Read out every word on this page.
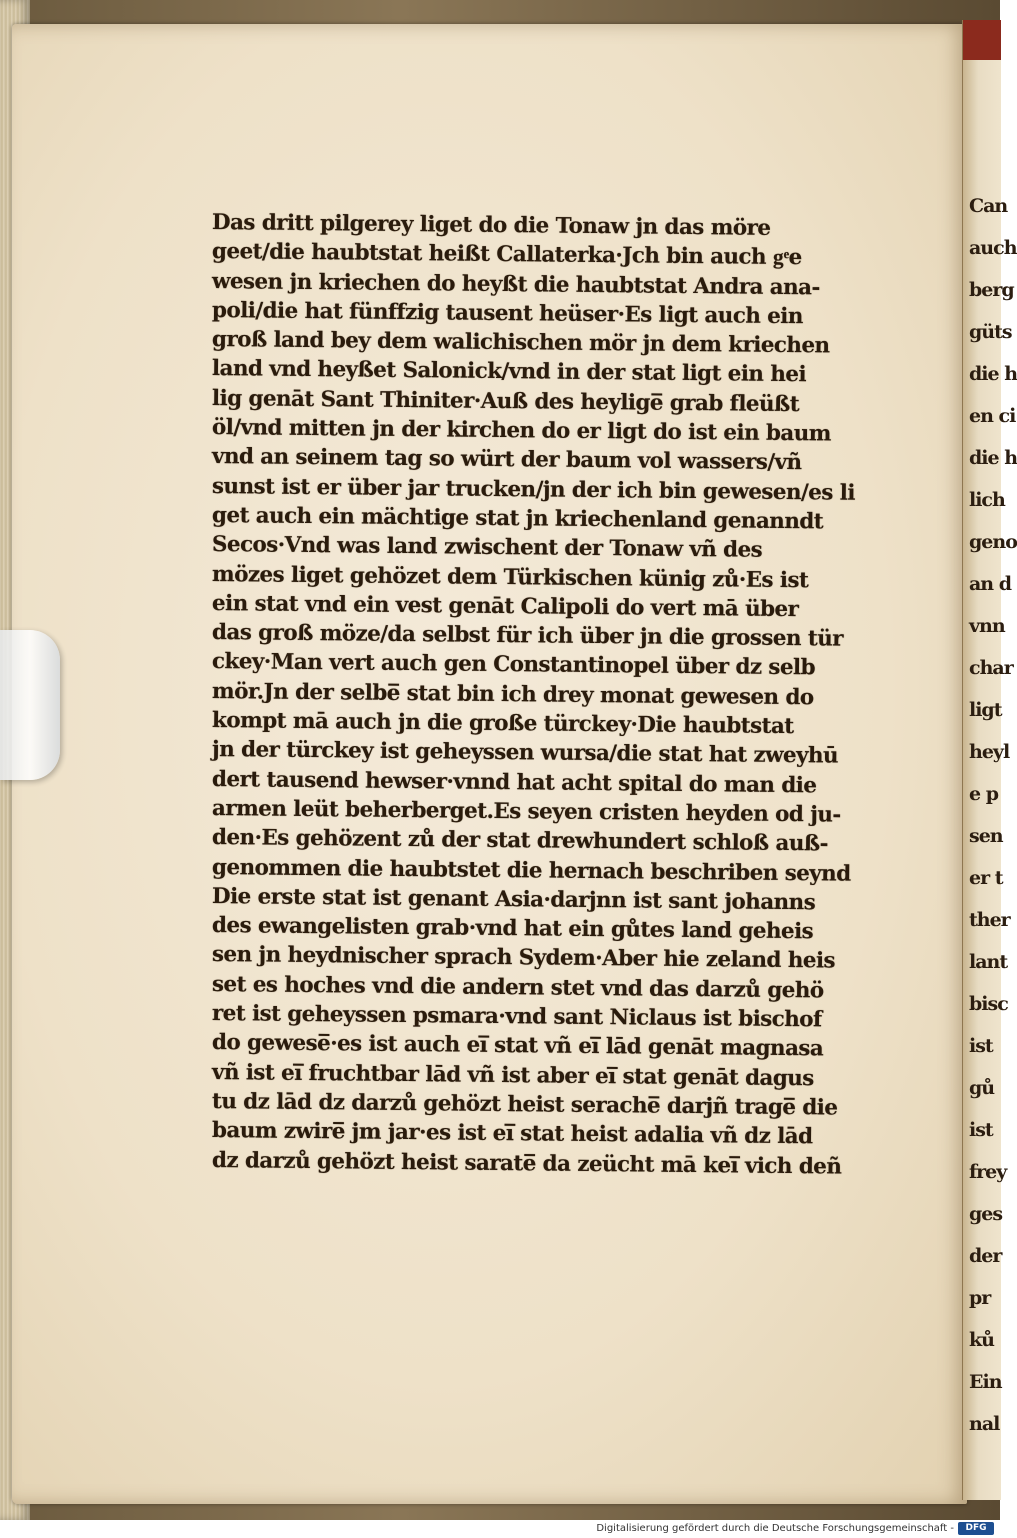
Das dritt pilgerey liget do die Tonaw jn das möre
geet/die haubtstat heißt Callaterka·Jch bin auch gͤe
wesen jn kriechen do heyßt die haubtstat Andra ana-
poli/die hat fünffzig tausent heüser·Es ligt auch ein
groß land bey dem walichischen mör jn dem kriechen
land vnd heyßet Salonick/vnd in der stat ligt ein hei
lig genāt Sant Thiniter·Auß des heylige̅ grab fleüßt
öl/vnd mitten jn der kirchen do er ligt do ist ein baum
vnd an seinem tag so würt der baum vol wassers/vñ
sunst ist er über jar trucken/jn der ich bin gewesen/es li
get auch ein mächtige stat jn kriechenland genanndt
Secos·Vnd was land zwischent der Tonaw vñ des
mözes liget gehözet dem Türkischen künig zů·Es ist
ein stat vnd ein vest genāt Calipoli do vert mā über
das groß möze/da selbst für ich über jn die grossen tür
ckey·Man vert auch gen Constantinopel über dz selb
mör.Jn der selbe̅ stat bin ich drey monat gewesen do
kompt mā auch jn die große türckey·Die haubtstat
jn der türckey ist geheyssen wursa/die stat hat zweyhū
dert tausend hewser·vnnd hat acht spital do man die
armen leüt beherberget.Es seyen cristen heyden od ju-
den·Es gehözent zů der stat drewhundert schloß auß-
genommen die haubtstet die hernach beschriben seynd
Die erste stat ist genant Asia·darjnn ist sant johanns
des ewangelisten grab·vnd hat ein gůtes land geheis
sen jn heydnischer sprach Sydem·Aber hie zeland heis
set es hoches vnd die andern stet vnd das darzů gehö
ret ist geheyssen psmara·vnd sant Niclaus ist bischof
do gewese̅·es ist auch ei̅ stat vñ ei̅ lād genāt magnasa
vñ ist ei̅ fruchtbar lād vñ ist aber ei̅ stat genāt dagus
tu dz lād dz darzů gehözt heist serache̅ darjñ trage̅ die
baum zwire̅ jm jar·es ist ei̅ stat heist adalia vñ dz lād
dz darzů gehözt heist sarate̅ da zeücht mā kei̅ vich deñ
Can
auch
berg
güts
die h
en ci
die h
lich
geno
an d
vnn
char
ligt
heyl
e p
sen
er t
ther
lant
bisc
ist
gů
ist
frey
ges
der
pr
ků
Ein
nal
Digitalisierung gefördert durch die Deutsche Forschungsgemeinschaft -	DFG
